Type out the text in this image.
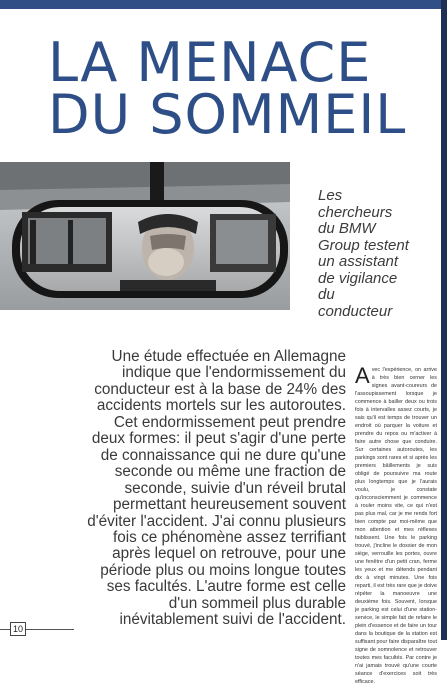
LA MENACE
DU SOMMEIL
Les
chercheurs
du BMW
Group testent
un assistant
de vigilance
du
conducteur
Une étude effectuée en Allemagne
indique que l'endormissement du
conducteur est à la base de 24% des
accidents mortels sur les autoroutes.
Cet endormissement peut prendre
deux formes: il peut s'agir d'une perte
de connaissance qui ne dure qu'une
seconde ou même une fraction de
seconde, suivie d'un réveil brutal
permettant heureusement souvent
d'éviter l'accident. J'ai connu plusieurs
fois ce phénomène assez terrifiant
après lequel on retrouve, pour une
période plus ou moins longue toutes
ses facultés. L'autre forme est celle
d'un sommeil plus durable
inévitablement suivi de l'accident.
A vec l'expérience, on arrive à très bien cerner les signes avant-coureurs de l'assoupissement lorsque je commence à bailler deux ou trois fois à intervalles assez courts, je sais qu'il est temps de trouver un endroit où parquer la voiture et prendre du repos ou m'activer à faire autre chose que conduire. Sur certaines autoroutes, les parkings sont rares et si après les premiers bâillements je suis obligé de poursuivre ma route plus longtemps que je l'aurais voulu, je constate qu'inconsciemment je commence à rouler moins vite, ce qui n'est pas plus mal, car je me rends fort bien compte par moi-même que mon attention et mes réflexes faiblissent. Une fois le parking trouvé, j'incline le dossier de mon siège, verrouille les portes, ouvre une fenêtre d'un petit cran, ferme les yeux et me détends pendant dix à vingt minutes. Une fois reparti, il est très rare que je doive répéter la manoeuvre une deuxième fois. Souvent, lorsque je parking est celui d'une station-service, le simple fait de refaire le plein d'essence et de faire un tour dans la boutique de la station est suffisant pour faire disparaître tout signe de somnolence et retrouver toutes mes facultés. Par contre je n'ai jamais trouvé qu'une courte séance d'exercices soit très efficace.
10
